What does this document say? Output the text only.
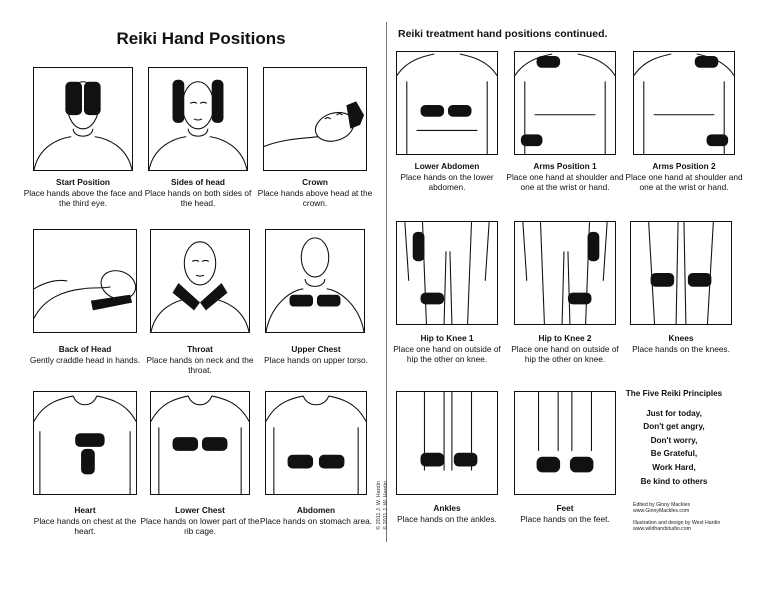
Reiki Hand Positions	Reiki treatment hand positions continued.
Start Position
Place hands above the face and the third eye.
Sides of head
Place hands on both sides of the head.
Crown
Place hands above head at the crown.
Back of Head
Gently craddle head in hands.
Throat
Place hands on neck and the throat.
Upper Chest
Place hands on upper torso.
Heart
Place hands on chest at the heart.
Lower Chest
Place hands on lower part of the rib cage.
Abdomen
Place hands on stomach area.
Lower Abdomen
Place hands on the lower abdomen.
Arms Position 1
Place one hand at shoulder and one at the wrist or hand.
Arms Position 2
Place one hand at shoulder and one at the wrist or hand.
Hip to Knee 1
Place one hand on outside of hip the other on knee.
Hip to Knee 2
Place one hand on outside of hip the other on knee.
Knees
Place hands on the knees.
Ankles
Place hands on the ankles.
Feet
Place hands on the feet.
The Five Reiki Principles
Just for today,
Don't get angry,
Don't worry,
Be Grateful,
Work Hard,
Be kind to others
Edited by Ginny Mackles
www.GinnyMackles.com
Illustration and design by West Hardin
www.wildhandstudio.com
© 2011 J. W. Hardin
© 2011 J. W. Hardin
